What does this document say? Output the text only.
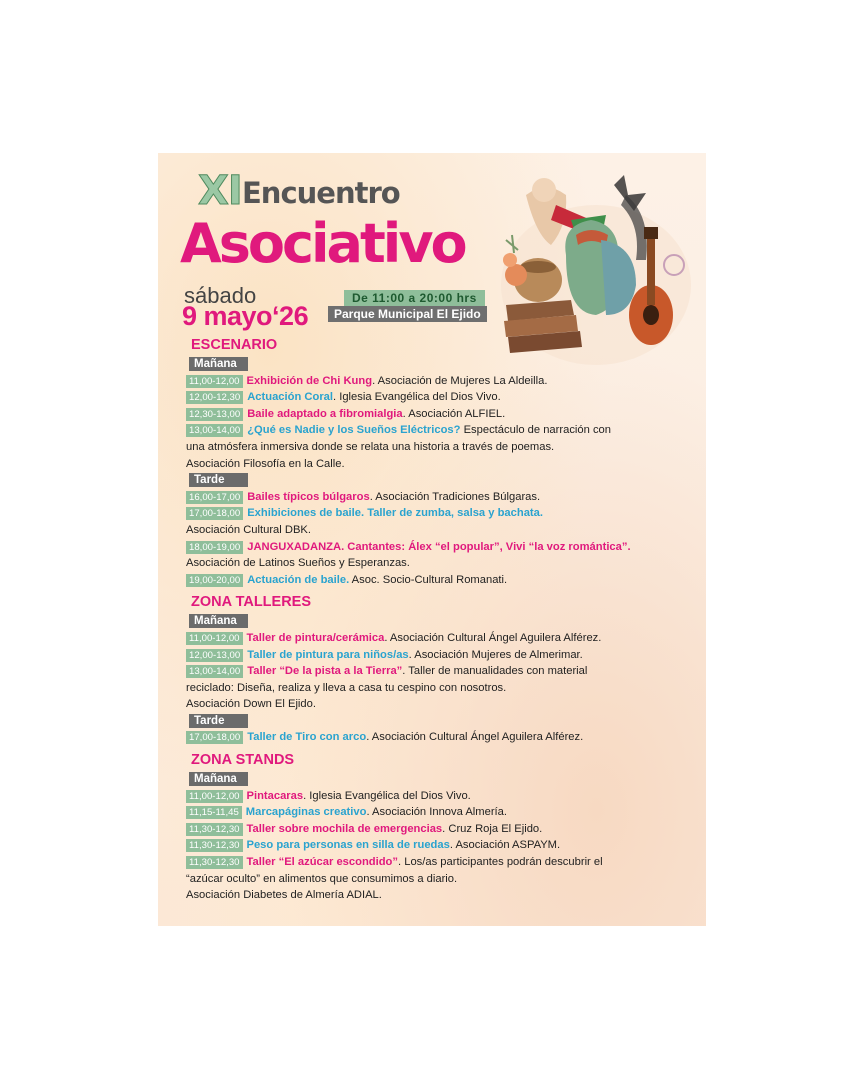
XI Encuentro
Asociativo
sábado
9 mayo‘26
De 11:00 a 20:00 hrs
Parque Municipal El Ejido
ESCENARIO
Mañana
11,00-12,00 Exhibición de Chi Kung. Asociación de Mujeres La Aldeilla.
12,00-12,30 Actuación Coral. Iglesia Evangélica del Dios Vivo.
12,30-13,00 Baile adaptado a fibromialgia. Asociación ALFIEL.
13,00-14,00 ¿Qué es Nadie y los Sueños Eléctricos? Espectáculo de narración con
una atmósfera inmersiva donde se relata una historia a través de poemas.
Asociación Filosofía en la Calle.
Tarde
16,00-17,00 Bailes típicos búlgaros. Asociación Tradiciones Búlgaras.
17,00-18,00 Exhibiciones de baile. Taller de zumba, salsa y bachata.
Asociación Cultural DBK.
18,00-19,00 JANGUXADANZA. Cantantes: Álex “el popular”, Vivi “la voz romántica”.
Asociación de Latinos Sueños y Esperanzas.
19,00-20,00 Actuación de baile. Asoc. Socio-Cultural Romanati.
ZONA TALLERES
Mañana
11,00-12,00 Taller de pintura/cerámica. Asociación Cultural Ángel Aguilera Alférez.
12,00-13,00 Taller de pintura para niños/as. Asociación Mujeres de Almerimar.
13,00-14,00 Taller “De la pista a la Tierra”. Taller de manualidades con material
reciclado: Diseña, realiza y lleva a casa tu cespino con nosotros.
Asociación Down El Ejido.
Tarde
17,00-18,00 Taller de Tiro con arco. Asociación Cultural Ángel Aguilera Alférez.
ZONA STANDS
Mañana
11,00-12,00 Pintacaras. Iglesia Evangélica del Dios Vivo.
11,15-11,45 Marcapáginas creativo. Asociación Innova Almería.
11,30-12,30 Taller sobre mochila de emergencias. Cruz Roja El Ejido.
11,30-12,30 Peso para personas en silla de ruedas. Asociación ASPAYM.
11,30-12,30 Taller “El azúcar escondido”. Los/as participantes podrán descubrir el
“azúcar oculto” en alimentos que consumimos a diario.
Asociación Diabetes de Almería ADIAL.
